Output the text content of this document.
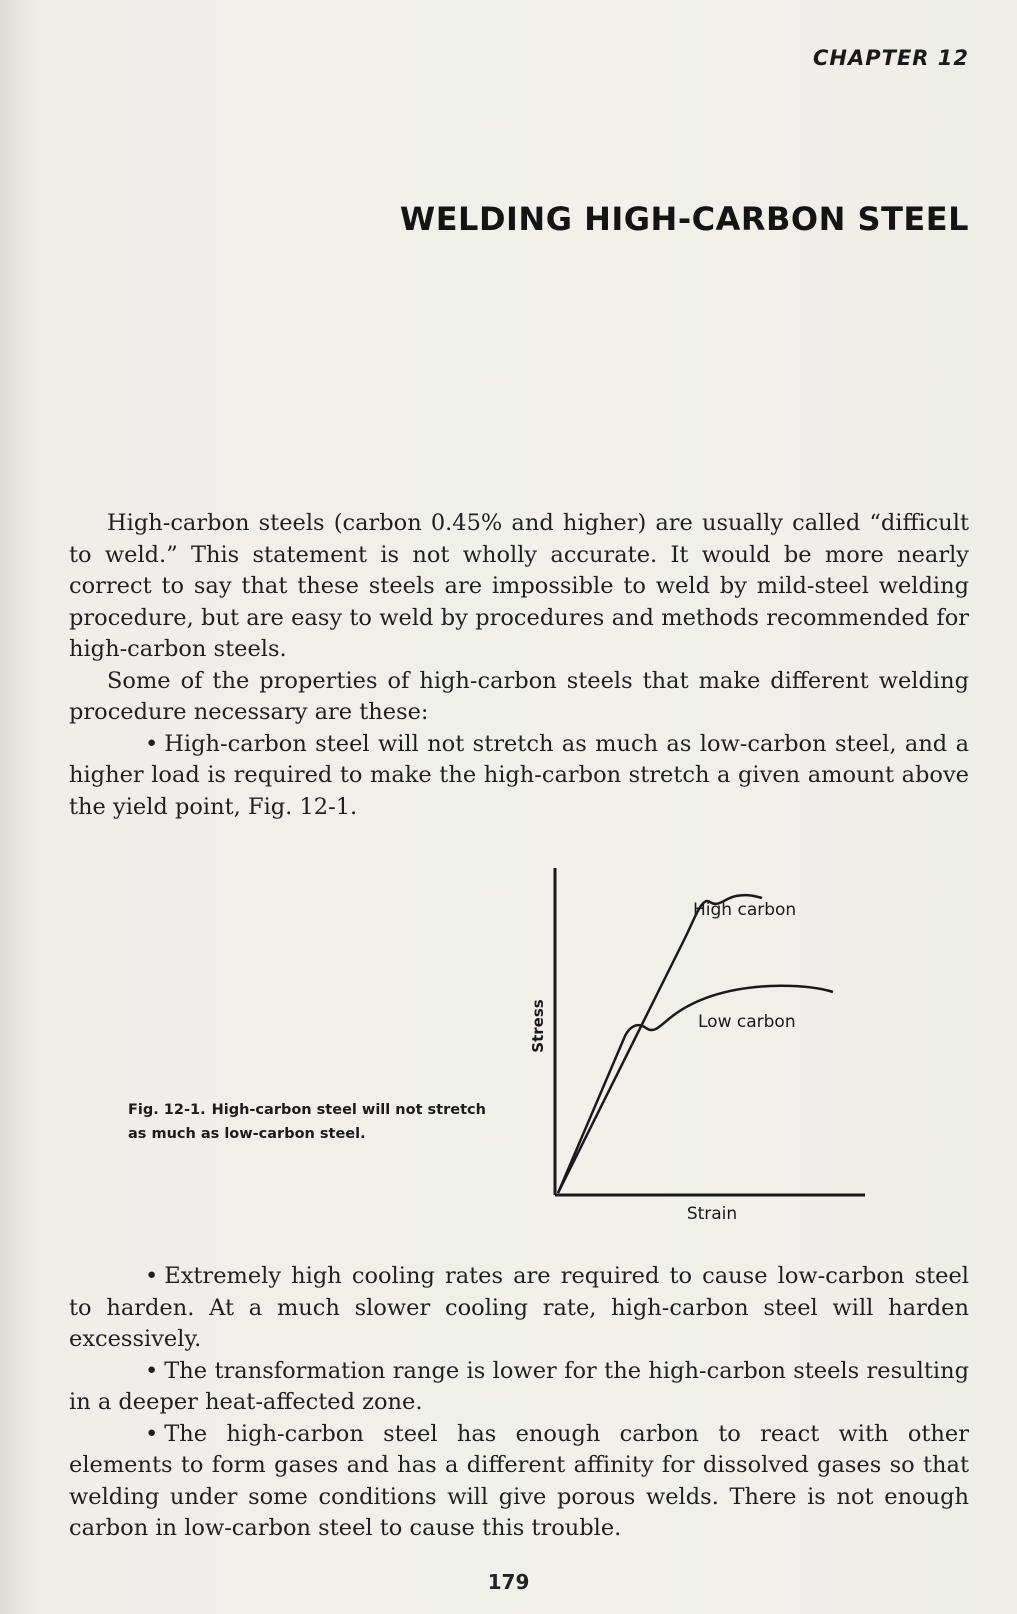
CHAPTER 12
WELDING HIGH-CARBON STEEL

High-carbon steels (carbon 0.45% and higher) are usually called “difficult to weld.” This statement is not wholly accurate. It would be more nearly correct to say that these steels are impossible to weld by mild-steel welding procedure, but are easy to weld by procedures and methods recommended for high-carbon steels.

Some of the properties of high-carbon steels that make different welding procedure necessary are these:

• High-carbon steel will not stretch as much as low-carbon steel, and a higher load is required to make the high-carbon stretch a given amount above the yield point, Fig. 12-1.

Fig. 12-1. High-carbon steel will not stretch as much as low-carbon steel.
High carbon
Low carbon
Stress
Strain

• Extremely high cooling rates are required to cause low-carbon steel to harden. At a much slower cooling rate, high-carbon steel will harden excessively.

• The transformation range is lower for the high-carbon steels resulting in a deeper heat-affected zone.

• The high-carbon steel has enough carbon to react with other elements to form gases and has a different affinity for dissolved gases so that welding under some conditions will give porous welds. There is not enough carbon in low-carbon steel to cause this trouble.

179
